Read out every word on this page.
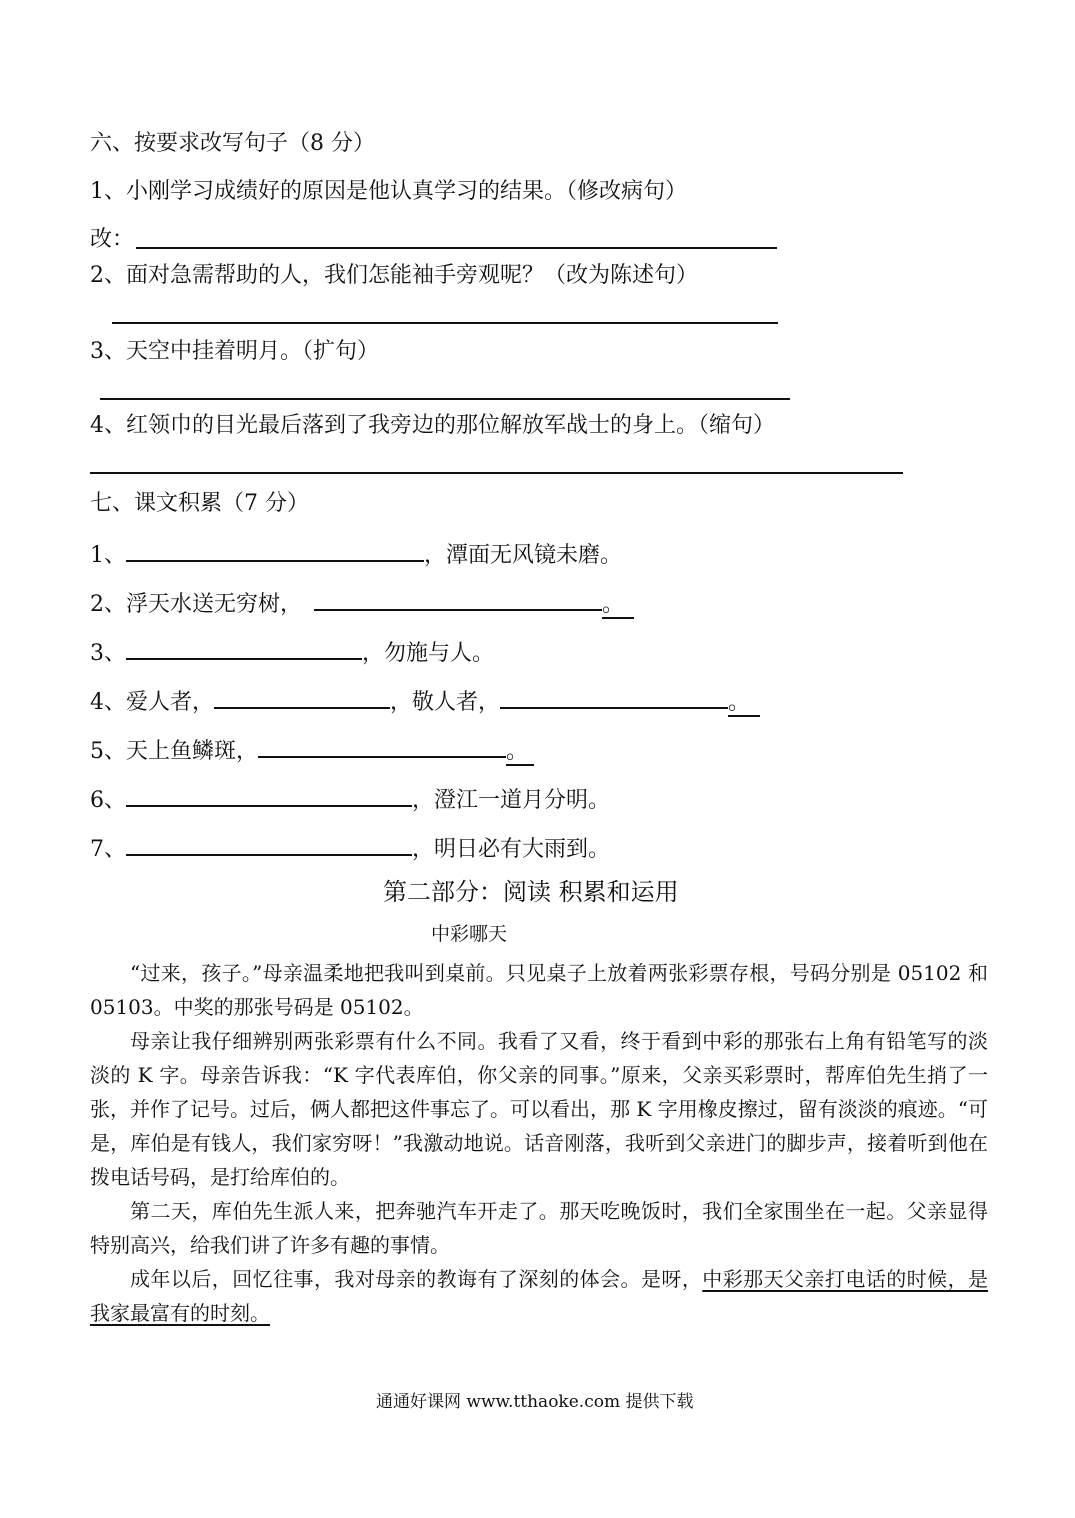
六、按要求改写句子（8 分）
1、小刚学习成绩好的原因是他认真学习的结果。（修改病句）
改：
2、面对急需帮助的人，我们怎能袖手旁观呢？（改为陈述句）
3、天空中挂着明月。（扩句）
4、红领巾的目光最后落到了我旁边的那位解放军战士的身上。（缩句）
七、课文积累（7 分）
1、	，潭面无风镜未磨。
2、浮天水送无穷树，	。
3、	，勿施与人。
4、爱人者，	，敬人者，	。
5、天上鱼鳞斑，	。
6、	，澄江一道月分明。
7、	，明日必有大雨到。
第二部分：阅读 积累和运用
中彩哪天

“过来，孩子。”母亲温柔地把我叫到桌前。只见桌子上放着两张彩票存根，号码分别是 05102 和 05103。中奖的那张号码是 05102。

母亲让我仔细辨别两张彩票有什么不同。我看了又看，终于看到中彩的那张右上角有铅笔写的淡淡的 K 字。母亲告诉我：“K 字代表库伯，你父亲的同事。”原来，父亲买彩票时，帮库伯先生捎了一张，并作了记号。过后，俩人都把这件事忘了。可以看出，那 K 字用橡皮擦过，留有淡淡的痕迹。“可是，库伯是有钱人，我们家穷呀！”我激动地说。话音刚落，我听到父亲进门的脚步声，接着听到他在拨电话号码，是打给库伯的。

第二天，库伯先生派人来，把奔驰汽车开走了。那天吃晚饭时，我们全家围坐在一起。父亲显得特别高兴，给我们讲了许多有趣的事情。

成年以后，回忆往事，我对母亲的教诲有了深刻的体会。是呀，中彩那天父亲打电话的时候，是我家最富有的时刻。

通通好课网 www.tthaoke.com 提供下载
